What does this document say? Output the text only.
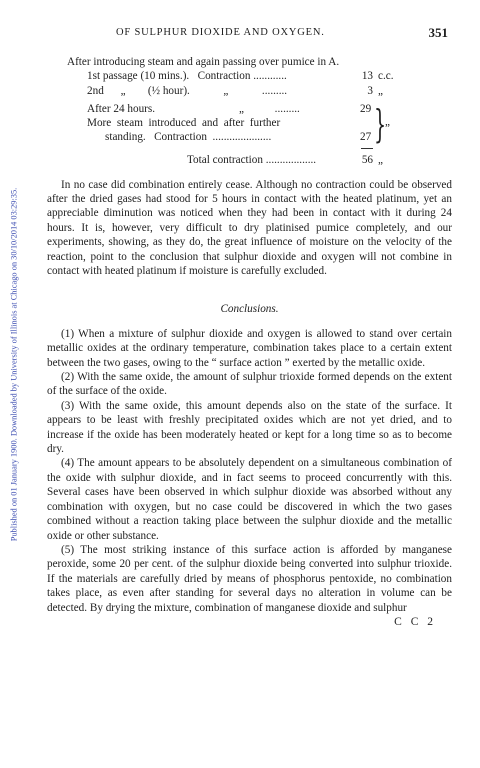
Published on 01 January 1900. Downloaded by University of Illinois at Chicago on 30/10/2014 03:29:35.
OF SULPHUR DIOXIDE AND OXYGEN.	351
After introducing steam and again passing over pumice in A.
1st passage (10 mins.).   Contraction ............	13 c.c.
2nd      „        (½ hour).            „            .........	3 „
After 24 hours.                              „           .........	29
More  steam  introduced  and  after  further
standing.   Contraction  .....................	27 }
„
Total contraction ..................	56 „

In no case did combination entirely cease. Although no contraction could be observed after the dried gases had stood for 5 hours in contact with the heated platinum, yet an appreciable diminution was noticed when they had been in contact with it during 24 hours. It is, however, very difficult to dry platinised pumice completely, and our experiments, showing, as they do, the great influence of moisture on the velocity of the reaction, point to the conclusion that sulphur dioxide and oxygen will not combine in contact with heated platinum if moisture is carefully excluded.

Conclusions.

(1) When a mixture of sulphur dioxide and oxygen is allowed to stand over certain metallic oxides at the ordinary temperature, combination takes place to a certain extent between the two gases, owing to the “ surface action ” exerted by the metallic oxide.

(2) With the same oxide, the amount of sulphur trioxide formed depends on the extent of the surface of the oxide.

(3) With the same oxide, this amount depends also on the state of the surface. It appears to be least with freshly precipitated oxides which are not yet dried, and to increase if the oxide has been moderately heated or kept for a long time so as to become dry.

(4) The amount appears to be absolutely dependent on a simultaneous combination of the oxide with sulphur dioxide, and in fact seems to proceed concurrently with this. Several cases have been observed in which sulphur dioxide was absorbed without any combination with oxygen, but no case could be discovered in which the two gases combined without a reaction taking place between the sulphur dioxide and the metallic oxide or other substance.

(5) The most striking instance of this surface action is afforded by manganese peroxide, some 20 per cent. of the sulphur dioxide being converted into sulphur trioxide. If the materials are carefully dried by means of phosphorus pentoxide, no combination takes place, as even after standing for several days no alteration in volume can be detected. By drying the mixture, combination of manganese dioxide and sulphur

C C 2
